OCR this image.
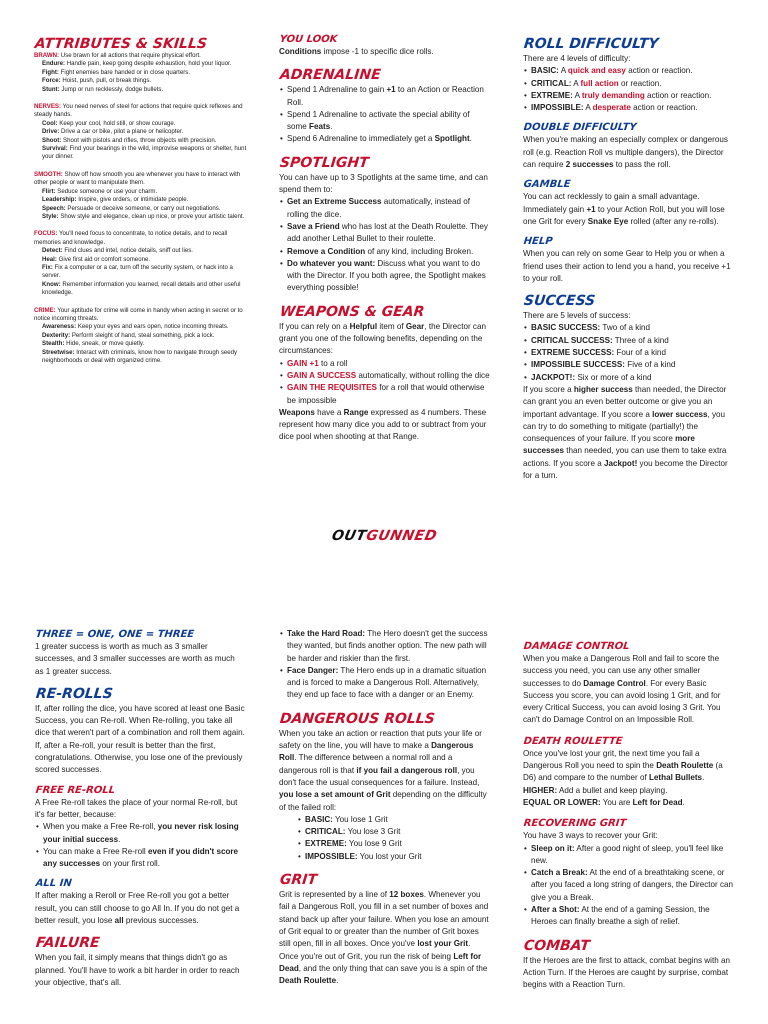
ATTRIBUTES & SKILLS

BRAWN: Use brawn for all actions that require physical effort.

Endure: Handle pain, keep going despite exhaustion, hold your liquor.

Fight: Fight enemies bare handed or in close quarters.

Force: Hoist, push, pull, or break things.

Stunt: Jump or run recklessly, dodge bullets.

NERVES: You need nerves of steel for actions that require quick reflexes and steady hands.

Cool: Keep your cool, hold still, or show courage.

Drive: Drive a car or bike, pilot a plane or helicopter.

Shoot: Shoot with pistols and rifles, throw objects with precision.

Survival: Find your bearings in the wild, improvise weapons or shelter, hunt your dinner.

SMOOTH: Show off how smooth you are whenever you have to interact with other people or want to manipulate them.

Flirt: Seduce someone or use your charm.

Leadership: Inspire, give orders, or intimidate people.

Speech: Persuade or deceive someone, or carry out negotiations.

Style: Show style and elegance, clean up nice, or prove your artistic talent.

FOCUS: You'll need focus to concentrate, to notice details, and to recall memories and knowledge.

Detect: Find clues and intel, notice details, sniff out lies.

Heal: Give first aid or comfort someone.

Fix: Fix a computer or a car, turn off the security system, or hack into a server.

Know: Remember information you learned, recall details and other useful knowledge.

CRIME: Your aptitude for crime will come in handy when acting in secret or to notice incoming threats.

Awareness: Keep your eyes and ears open, notice incoming threats.

Dexterity: Perform sleight of hand, steal something, pick a lock.

Stealth: Hide, sneak, or move quietly.

Streetwise: Interact with criminals, know how to navigate through seedy neighborhoods or deal with organized crime.

YOU LOOK

Conditions impose -1 to specific dice rolls.

ADRENALINE
• Spend 1 Adrenaline to gain +1 to an Action or Reaction Roll.
• Spend 1 Adrenaline to activate the special ability of some Feats.
• Spend 6 Adrenaline to immediately get a Spotlight.
SPOTLIGHT

You can have up to 3 Spotlights at the same time, and can spend them to:

• Get an Extreme Success automatically, instead of rolling the dice.
• Save a Friend who has lost at the Death Roulette. They add another Lethal Bullet to their roulette.
• Remove a Condition of any kind, including Broken.
• Do whatever you want: Discuss what you want to do with the Director. If you both agree, the Spotlight makes everything possible!
WEAPONS & GEAR

If you can rely on a Helpful item of Gear, the Director can grant you one of the following benefits, depending on the circumstances:

• GAIN +1 to a roll
• GAIN A SUCCESS automatically, without rolling the dice
• GAIN THE REQUISITES for a roll that would otherwise be impossible

Weapons have a Range expressed as 4 numbers. These represent how many dice you add to or subtract from your dice pool when shooting at that Range.

OUTGUNNED
ROLL DIFFICULTY

There are 4 levels of difficulty:

• BASIC: A quick and easy action or reaction.
• CRITICAL: A full action or reaction.
• EXTREME: A truly demanding action or reaction.
• IMPOSSIBLE: A desperate action or reaction.
DOUBLE DIFFICULTY

When you're making an especially complex or dangerous roll (e.g. Reaction Roll vs multiple dangers), the Director can require 2 successes to pass the roll.

GAMBLE

You can act recklessly to gain a small advantage. Immediately gain +1 to your Action Roll, but you will lose one Grit for every Snake Eye rolled (after any re-rolls).

HELP

When you can rely on some Gear to Help you or when a friend uses their action to lend you a hand, you receive +1 to your roll.

SUCCESS

There are 5 levels of success:

• BASIC SUCCESS: Two of a kind
• CRITICAL SUCCESS: Three of a kind
• EXTREME SUCCESS: Four of a kind
• IMPOSSIBLE SUCCESS: Five of a kind
• JACKPOT!: Six or more of a kind

If you score a higher success than needed, the Director can grant you an even better outcome or give you an important advantage. If you score a lower success, you can try to do something to mitigate (partially!) the consequences of your failure. If you score more successes than needed, you can use them to take extra actions. If you score a Jackpot! you become the Director for a turn.

THREE = ONE, ONE = THREE

1 greater success is worth as much as 3 smaller successes, and 3 smaller successes are worth as much as 1 greater success.

RE-ROLLS

If, after rolling the dice, you have scored at least one Basic Success, you can Re-roll. When Re-rolling, you take all dice that weren't part of a combination and roll them again. If, after a Re-roll, your result is better than the first, congratulations. Otherwise, you lose one of the previously scored successes.

FREE RE-ROLL

A Free Re-roll takes the place of your normal Re-roll, but it's far better, because:

• When you make a Free Re-roll, you never risk losing your initial success.
• You can make a Free Re-roll even if you didn't score any successes on your first roll.
ALL IN

If after making a Reroll or Free Re-roll you got a better result, you can still choose to go All In. If you do not get a better result, you lose all previous successes.

FAILURE

When you fail, it simply means that things didn't go as planned. You'll have to work a bit harder in order to reach your objective, that's all.

• Take the Hard Road: The Hero doesn't get the success they wanted, but finds another option. The new path will be harder and riskier than the first.
• Face Danger: The Hero ends up in a dramatic situation and is forced to make a Dangerous Roll. Alternatively, they end up face to face with a danger or an Enemy.
DANGEROUS ROLLS

When you take an action or reaction that puts your life or safety on the line, you will have to make a Dangerous Roll. The difference between a normal roll and a dangerous roll is that if you fail a dangerous roll, you don't face the usual consequences for a failure. Instead, you lose a set amount of Grit depending on the difficulty of the failed roll:

• BASIC: You lose 1 Grit
• CRITICAL: You lose 3 Grit
• EXTREME: You lose 9 Grit
• IMPOSSIBLE: You lost your Grit
GRIT

Grit is represented by a line of 12 boxes. Whenever you fail a Dangerous Roll, you fill in a set number of boxes and stand back up after your failure. When you lose an amount of Grit equal to or greater than the number of Grit boxes still open, fill in all boxes. Once you've lost your Grit. Once you're out of Grit, you run the risk of being Left for Dead, and the only thing that can save you is a spin of the Death Roulette.

DAMAGE CONTROL

When you make a Dangerous Roll and fail to score the success you need, you can use any other smaller successes to do Damage Control. For every Basic Success you score, you can avoid losing 1 Grit, and for every Critical Success, you can avoid losing 3 Grit. You can't do Damage Control on an Impossible Roll.

DEATH ROULETTE

Once you've lost your grit, the next time you fail a Dangerous Roll you need to spin the Death Roulette (a D6) and compare to the number of Lethal Bullets.

HIGHER: Add a bullet and keep playing.

EQUAL OR LOWER: You are Left for Dead.

RECOVERING GRIT

You have 3 ways to recover your Grit:

• Sleep on it: After a good night of sleep, you'll feel like new.
• Catch a Break: At the end of a breathtaking scene, or after you faced a long string of dangers, the Director can give you a Break.
• After a Shot: At the end of a gaming Session, the Heroes can finally breathe a sigh of relief.
COMBAT

If the Heroes are the first to attack, combat begins with an Action Turn. If the Heroes are caught by surprise, combat begins with a Reaction Turn.
